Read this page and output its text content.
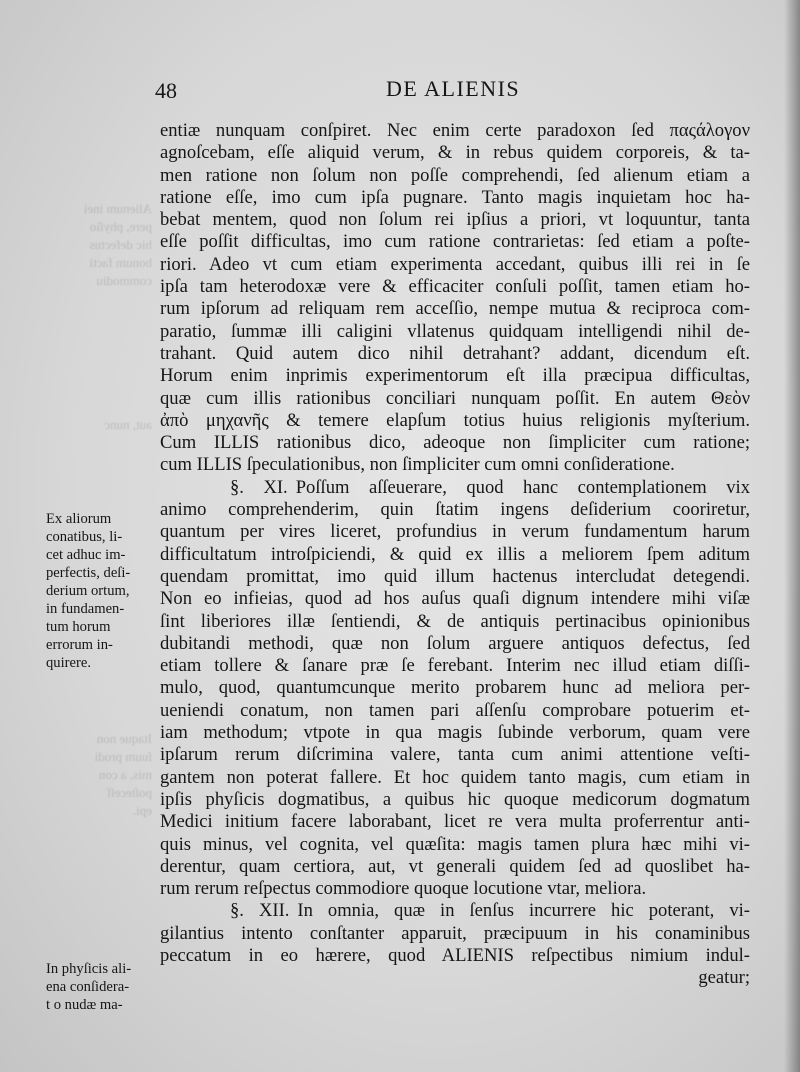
Alienum inei
pere, phyſio
hic defectus
bonum facti
commodiu
aut, nunc
Itaque non
ſuum prodi
mis, a con
poſteceſſ
epi.
48	DE ALIENIS
entiæ nunquam conſpiret. Nec enim certe paradoxon ſed παςάλογον
agnoſcebam, eſſe aliquid verum, & in rebus quidem corporeis, & ta-
men ratione non ſolum non poſſe comprehendi, ſed alienum etiam a
ratione eſſe, imo cum ipſa pugnare. Tanto magis inquietam hoc ha-
bebat mentem, quod non ſolum rei ipſius a priori, vt loquuntur, tanta
eſſe poſſit difficultas, imo cum ratione contrarietas: ſed etiam a poſte-
riori. Adeo vt cum etiam experimenta accedant, quibus illi rei in ſe
ipſa tam heterodoxæ vere & efficaciter conſuli poſſit, tamen etiam ho-
rum ipſorum ad reliquam rem acceſſio, nempe mutua & reciproca com-
paratio, ſummæ illi caligini vllatenus quidquam intelligendi nihil de-
trahant. Quid autem dico nihil detrahant? addant, dicendum eſt.
Horum enim inprimis experimentorum eſt illa præcipua difficultas,
quæ cum illis rationibus conciliari nunquam poſſit. En autem Θεὸν
ἀπὸ μηχανῆς & temere elapſum totius huius religionis myſterium.
Cum ILLIS rationibus dico, adeoque non ſimpliciter cum ratione;
cum ILLIS ſpeculationibus, non ſimpliciter cum omni conſideratione.
§. XI. Poſſum aſſeuerare, quod hanc contemplationem vix
animo comprehenderim, quin ſtatim ingens deſiderium cooriretur,
quantum per vires liceret, profundius in verum fundamentum harum
difficultatum introſpiciendi, & quid ex illis a meliorem ſpem aditum
quendam promittat, imo quid illum hactenus intercludat detegendi.
Non eo infieias, quod ad hos auſus quaſi dignum intendere mihi viſæ
ſint liberiores illæ ſentiendi, & de antiquis pertinacibus opinionibus
dubitandi methodi, quæ non ſolum arguere antiquos defectus, ſed
etiam tollere & ſanare præ ſe ferebant. Interim nec illud etiam diſſi-
mulo, quod, quantumcunque merito probarem hunc ad meliora per-
ueniendi conatum, non tamen pari aſſenſu comprobare potuerim et-
iam methodum; vtpote in qua magis ſubinde verborum, quam vere
ipſarum rerum diſcrimina valere, tanta cum animi attentione veſti-
gantem non poterat fallere. Et hoc quidem tanto magis, cum etiam in
ipſis phyſicis dogmatibus, a quibus hic quoque medicorum dogmatum
Medici initium facere laborabant, licet re vera multa proferrentur anti-
quis minus, vel cognita, vel quæſita: magis tamen plura hæc mihi vi-
derentur, quam certiora, aut, vt generali quidem ſed ad quoslibet ha-
rum rerum reſpectus commodiore quoque locutione vtar, meliora.
§. XII. In omnia, quæ in ſenſus incurrere hic poterant, vi-
gilantius intento conſtanter apparuit, præcipuum in his conaminibus
peccatum in eo hærere, quod ALIENIS reſpectibus nimium indul-
geatur;
Ex aliorum
conatibus, li-
cet adhuc im-
perfectis, deſi-
derium ortum,
in fundamen-
tum horum
errorum in-
quirere.
In phyſicis ali-
ena conſidera-
t o nudæ ma-
